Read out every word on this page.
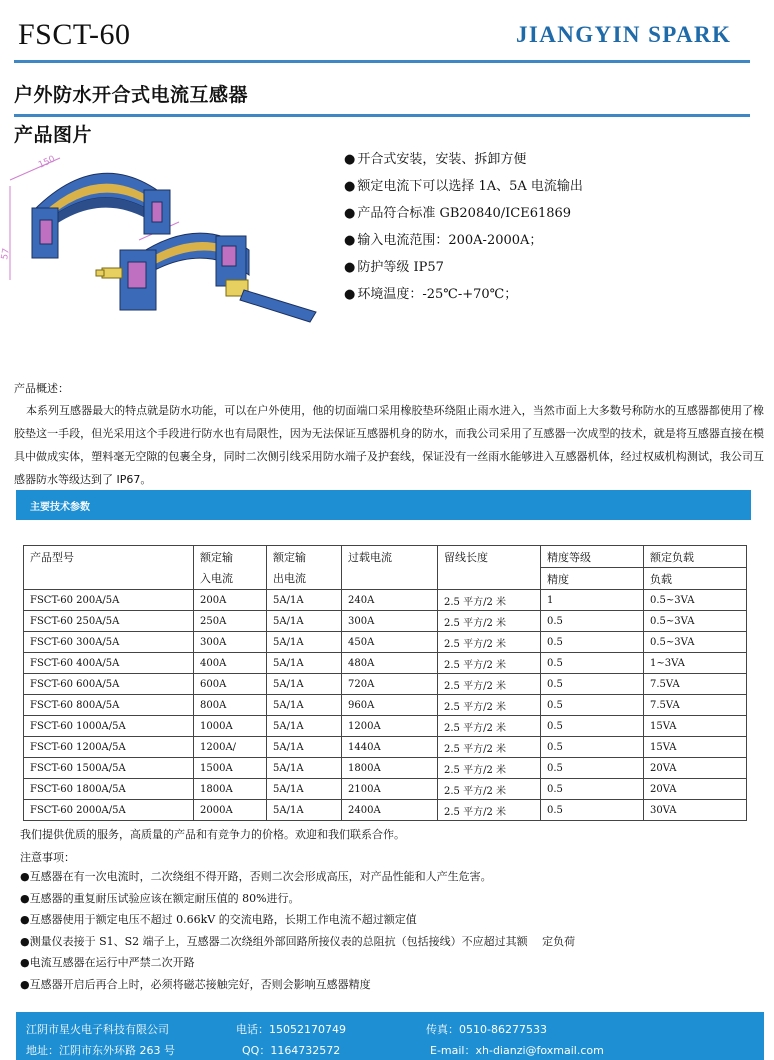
FSCT-60	JIANGYIN SPARK
户外防水开合式电流互感器
产品图片
150
57
● 开合式安装，安装、拆卸方便
● 额定电流下可以选择 1A、5A 电流输出
● 产品符合标准 GB20840/ICE61869
● 输入电流范围：200A-2000A；
● 防护等级 IP57
● 环境温度：-25℃-+70℃；
产品概述：
本系列互感器最大的特点就是防水功能，可以在户外使用，他的切面端口采用橡胶垫环绕阻止雨水进入，当然市面上大多数号称防水的互感器都使用了橡胶垫这一手段，但光采用这个手段进行防水也有局限性，因为无法保证互感器机身的防水，而我公司采用了互感器一次成型的技术，就是将互感器直接在模具中做成实体，塑料毫无空隙的包裹全身，同时二次侧引线采用防水端子及护套线，保证没有一丝雨水能够进入互感器机体，经过权威机构测试，我公司互感器防水等级达到了 IP67。
主要技术参数
产品型号	额定输	额定输	过载电流	留线长度	精度等级	额定负载
	入电流	出电流			精度	负载
FSCT-60 200A/5A	200A	5A/1A	240A	2.5 平方/2 米	1	0.5~3VA
FSCT-60 250A/5A	250A	5A/1A	300A	2.5 平方/2 米	0.5	0.5~3VA
FSCT-60 300A/5A	300A	5A/1A	450A	2.5 平方/2 米	0.5	0.5~3VA
FSCT-60 400A/5A	400A	5A/1A	480A	2.5 平方/2 米	0.5	1~3VA
FSCT-60 600A/5A	600A	5A/1A	720A	2.5 平方/2 米	0.5	7.5VA
FSCT-60 800A/5A	800A	5A/1A	960A	2.5 平方/2 米	0.5	7.5VA
FSCT-60 1000A/5A	1000A	5A/1A	1200A	2.5 平方/2 米	0.5	15VA
FSCT-60 1200A/5A	1200A/	5A/1A	1440A	2.5 平方/2 米	0.5	15VA
FSCT-60 1500A/5A	1500A	5A/1A	1800A	2.5 平方/2 米	0.5	20VA
FSCT-60 1800A/5A	1800A	5A/1A	2100A	2.5 平方/2 米	0.5	20VA
FSCT-60 2000A/5A	2000A	5A/1A	2400A	2.5 平方/2 米	0.5	30VA
我们提供优质的服务，高质量的产品和有竞争力的价格。欢迎和我们联系合作。
注意事项：
●互感器在有一次电流时，二次绕组不得开路，否则二次会形成高压，对产品性能和人产生危害。
●互感器的重复耐压试验应该在额定耐压值的 80%进行。
●互感器使用于额定电压不超过 0.66kV 的交流电路，长期工作电流不超过额定值
●测量仪表接于 S1、S2 端子上，互感器二次绕组外部回路所接仪表的总阻抗（包括接线）不应超过其额　 定负荷
●电流互感器在运行中严禁二次开路
●互感器开启后再合上时，必须将磁芯接触完好，否则会影响互感器精度
江阴市星火电子科技有限公司	电话：15052170749	传真：0510-86277533
地址：江阴市东外环路 263 号	QQ：1164732572	E-mail：xh-dianzi@foxmail.com
